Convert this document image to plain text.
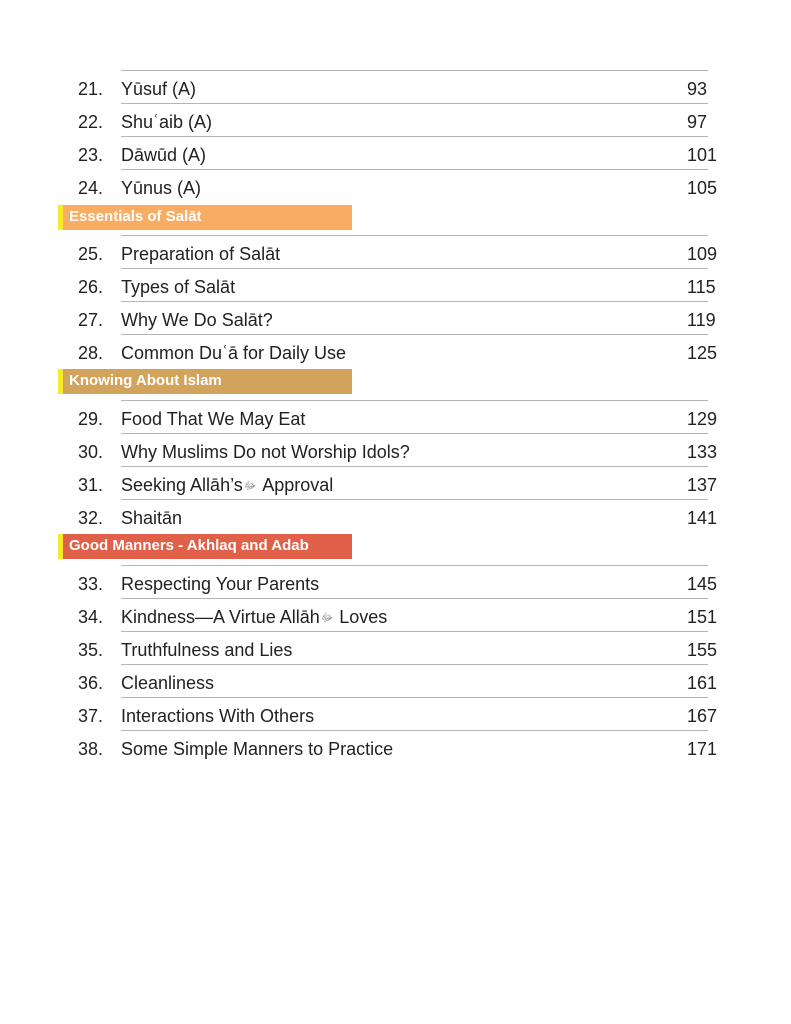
21. Yūsuf (A)	93
22. Shuʿaib (A)	97
23. Dāwūd (A)	101
24. Yūnus (A)	105
Essentials of Salāt
25. Preparation of Salāt	109
26. Types of Salāt	115
27. Why We Do Salāt?	119
28. Common Duʿā for Daily Use	125
Knowing About Islam
29. Food That We May Eat	129
30. Why Muslims Do not Worship Idols?	133
31. Seeking Allāh’sﷻ Approval	137
32. Shaitān	141
Good Manners - Akhlaq and Adab
33. Respecting Your Parents	145
34. Kindness—A Virtue Allāhﷻ Loves	151
35. Truthfulness and Lies	155
36. Cleanliness	161
37. Interactions With Others	167
38. Some Simple Manners to Practice	171
